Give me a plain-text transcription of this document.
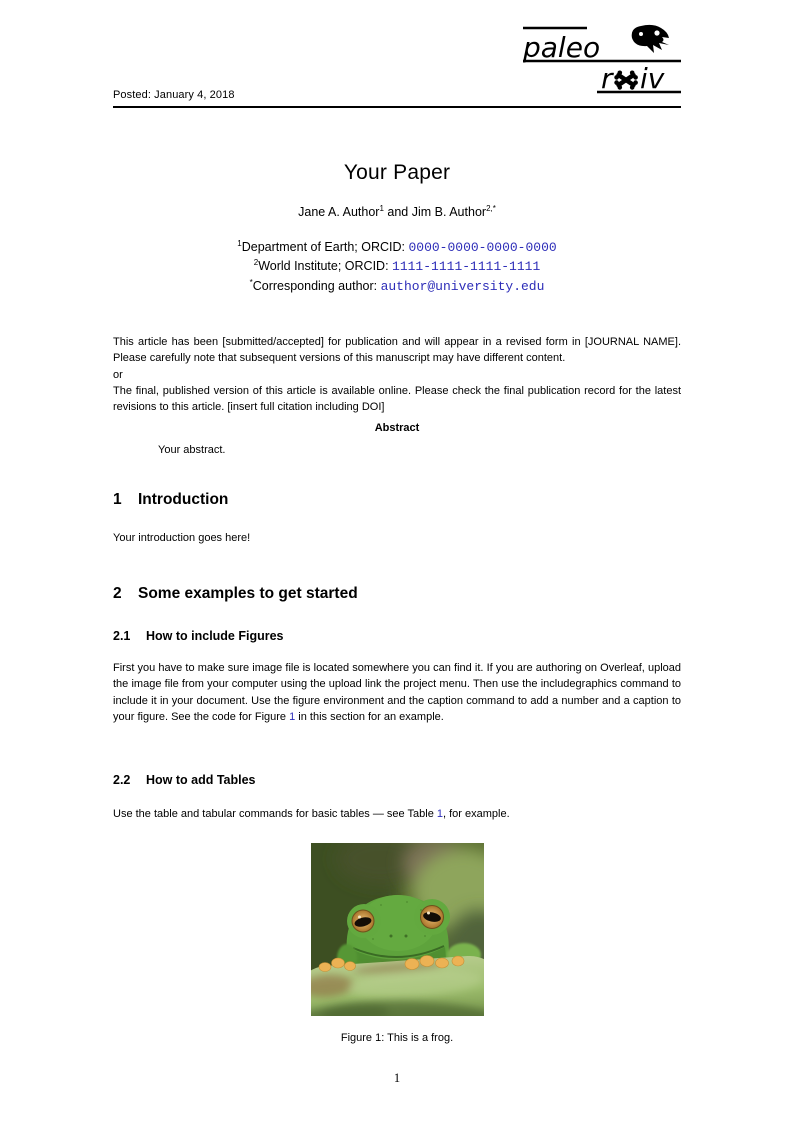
paleo
r iv
Posted: January 4, 2018
Your Paper
Jane A. Author$^1$ and Jim B. Author$^{2,*}$
$^1$Department of Earth; ORCID: 0000-0000-0000-0000
$^2$World Institute; ORCID: 1111-1111-1111-1111
*Corresponding author: author@university.edu

This article has been [submitted/accepted] for publication and will appear in a revised form in [JOURNAL NAME]. Please carefully note that subsequent versions of this manuscript may have different content.

or

The final, published version of this article is available online. Please check the final publication record for the latest revisions to this article. [insert full citation including DOI]

Abstract
Your abstract.
1 Introduction

Your introduction goes here!

2 Some examples to get started
2.1 How to include Figures

First you have to make sure image file is located somewhere you can find it. If you are authoring on Overleaf, upload the image file from your computer using the upload link the project menu. Then use the includegraphics command to include it in your document. Use the figure environment and the caption command to add a number and a caption to your figure. See the code for Figure 1 in this section for an example.

2.2 How to add Tables

Use the table and tabular commands for basic tables — see Table 1, for example.

Figure 1: This is a frog.
1
